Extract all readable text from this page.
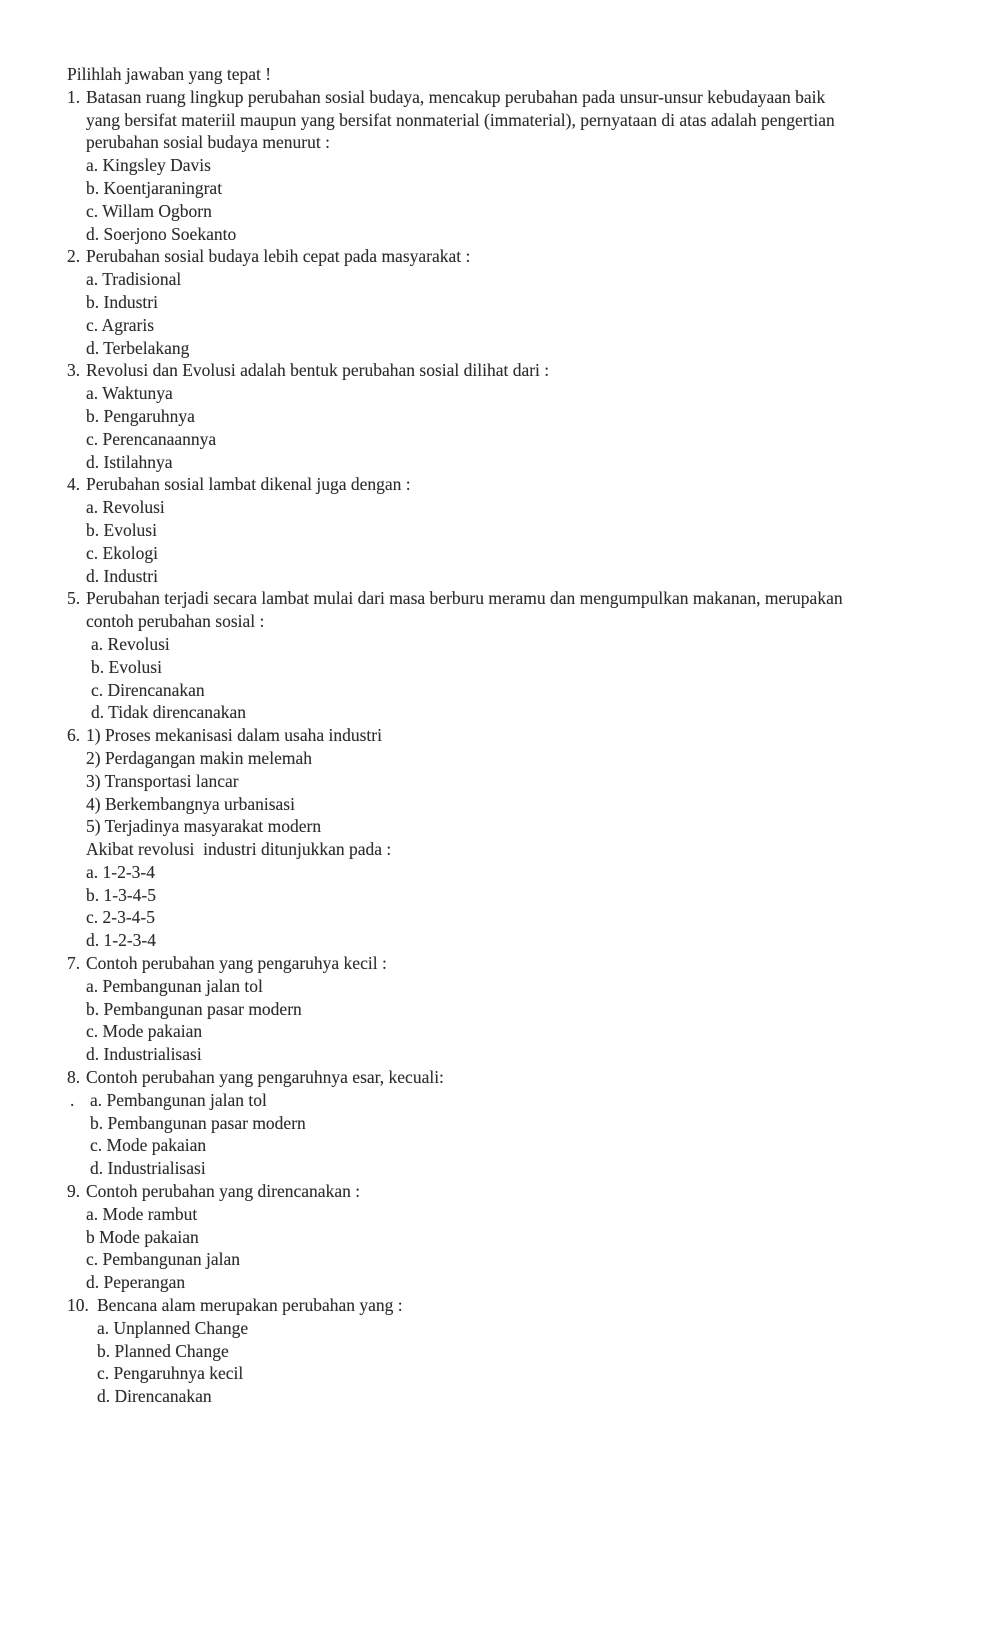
Pilihlah jawaban yang tepat !
1. Batasan ruang lingkup perubahan sosial budaya, mencakup perubahan pada unsur-unsur kebudayaan baik
yang bersifat materiil maupun yang bersifat nonmaterial (immaterial), pernyataan di atas adalah pengertian
perubahan sosial budaya menurut :
a. Kingsley Davis
b. Koentjaraningrat
c. Willam Ogborn
d. Soerjono Soekanto
2. Perubahan sosial budaya lebih cepat pada masyarakat :
a. Tradisional
b. Industri
c. Agraris
d. Terbelakang
3. Revolusi dan Evolusi adalah bentuk perubahan sosial dilihat dari :
a. Waktunya
b. Pengaruhnya
c. Perencanaannya
d. Istilahnya
4. Perubahan sosial lambat dikenal juga dengan :
a. Revolusi
b. Evolusi
c. Ekologi
d. Industri
5. Perubahan terjadi secara lambat mulai dari masa berburu meramu dan mengumpulkan makanan, merupakan
contoh perubahan sosial :
a. Revolusi
b. Evolusi
c. Direncanakan
d. Tidak direncanakan
6. 1) Proses mekanisasi dalam usaha industri
2) Perdagangan makin melemah
3) Transportasi lancar
4) Berkembangnya urbanisasi
5) Terjadinya masyarakat modern
Akibat revolusi  industri ditunjukkan pada :
a. 1-2-3-4
b. 1-3-4-5
c. 2-3-4-5
d. 1-2-3-4
7. Contoh perubahan yang pengaruhya kecil :
a. Pembangunan jalan tol
b. Pembangunan pasar modern
c. Mode pakaian
d. Industrialisasi
8. Contoh perubahan yang pengaruhnya esar, kecuali:
a. Pembangunan jalan tol
.
b. Pembangunan pasar modern
c. Mode pakaian
d. Industrialisasi
9. Contoh perubahan yang direncanakan :
a. Mode rambut
b Mode pakaian
c. Pembangunan jalan
d. Peperangan
10. Bencana alam merupakan perubahan yang :
a. Unplanned Change
b. Planned Change
c. Pengaruhnya kecil
d. Direncanakan
